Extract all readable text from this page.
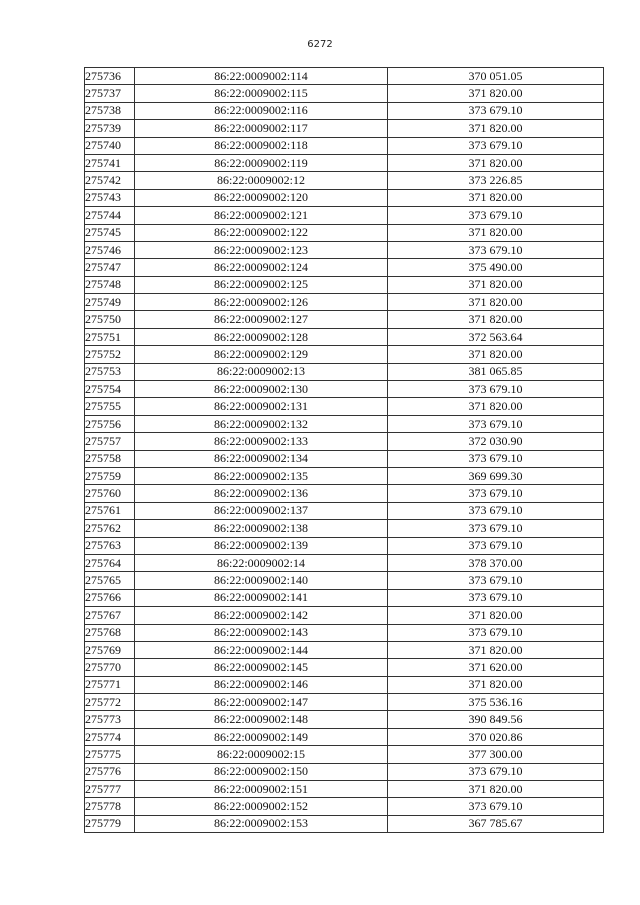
6272
275736	86:22:0009002:114	370 051.05
275737	86:22:0009002:115	371 820.00
275738	86:22:0009002:116	373 679.10
275739	86:22:0009002:117	371 820.00
275740	86:22:0009002:118	373 679.10
275741	86:22:0009002:119	371 820.00
275742	86:22:0009002:12	373 226.85
275743	86:22:0009002:120	371 820.00
275744	86:22:0009002:121	373 679.10
275745	86:22:0009002:122	371 820.00
275746	86:22:0009002:123	373 679.10
275747	86:22:0009002:124	375 490.00
275748	86:22:0009002:125	371 820.00
275749	86:22:0009002:126	371 820.00
275750	86:22:0009002:127	371 820.00
275751	86:22:0009002:128	372 563.64
275752	86:22:0009002:129	371 820.00
275753	86:22:0009002:13	381 065.85
275754	86:22:0009002:130	373 679.10
275755	86:22:0009002:131	371 820.00
275756	86:22:0009002:132	373 679.10
275757	86:22:0009002:133	372 030.90
275758	86:22:0009002:134	373 679.10
275759	86:22:0009002:135	369 699.30
275760	86:22:0009002:136	373 679.10
275761	86:22:0009002:137	373 679.10
275762	86:22:0009002:138	373 679.10
275763	86:22:0009002:139	373 679.10
275764	86:22:0009002:14	378 370.00
275765	86:22:0009002:140	373 679.10
275766	86:22:0009002:141	373 679.10
275767	86:22:0009002:142	371 820.00
275768	86:22:0009002:143	373 679.10
275769	86:22:0009002:144	371 820.00
275770	86:22:0009002:145	371 620.00
275771	86:22:0009002:146	371 820.00
275772	86:22:0009002:147	375 536.16
275773	86:22:0009002:148	390 849.56
275774	86:22:0009002:149	370 020.86
275775	86:22:0009002:15	377 300.00
275776	86:22:0009002:150	373 679.10
275777	86:22:0009002:151	371 820.00
275778	86:22:0009002:152	373 679.10
275779	86:22:0009002:153	367 785.67
